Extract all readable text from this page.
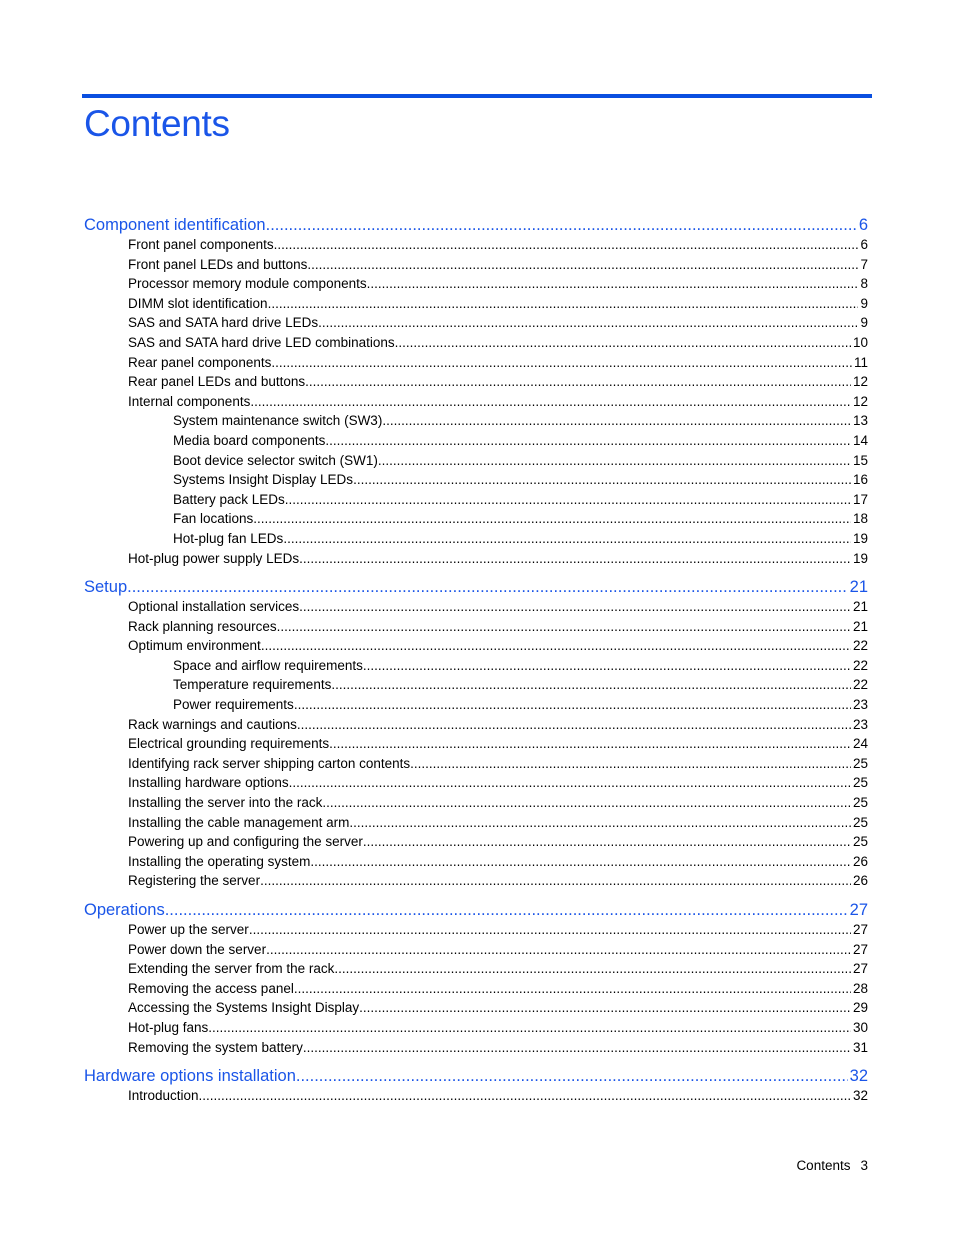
Contents
Component identification .....	6
Front panel components .....	6
Front panel LEDs and buttons .....	7
Processor memory module components .....	8
DIMM slot identification .....	9
SAS and SATA hard drive LEDs .....	9
SAS and SATA hard drive LED combinations .....	10
Rear panel components .....	11
Rear panel LEDs and buttons .....	12
Internal components .....	12
System maintenance switch (SW3) .....	13
Media board components .....	14
Boot device selector switch (SW1) .....	15
Systems Insight Display LEDs .....	16
Battery pack LEDs .....	17
Fan locations .....	18
Hot-plug fan LEDs .....	19
Hot-plug power supply LEDs .....	19
Setup .....	21
Optional installation services .....	21
Rack planning resources .....	21
Optimum environment .....	22
Space and airflow requirements .....	22
Temperature requirements .....	22
Power requirements .....	23
Rack warnings and cautions .....	23
Electrical grounding requirements .....	24
Identifying rack server shipping carton contents .....	25
Installing hardware options .....	25
Installing the server into the rack .....	25
Installing the cable management arm .....	25
Powering up and configuring the server .....	25
Installing the operating system .....	26
Registering the server .....	26
Operations .....	27
Power up the server .....	27
Power down the server .....	27
Extending the server from the rack .....	27
Removing the access panel .....	28
Accessing the Systems Insight Display .....	29
Hot-plug fans .....	30
Removing the system battery .....	31
Hardware options installation .....	32
Introduction .....	32
Contents 3
